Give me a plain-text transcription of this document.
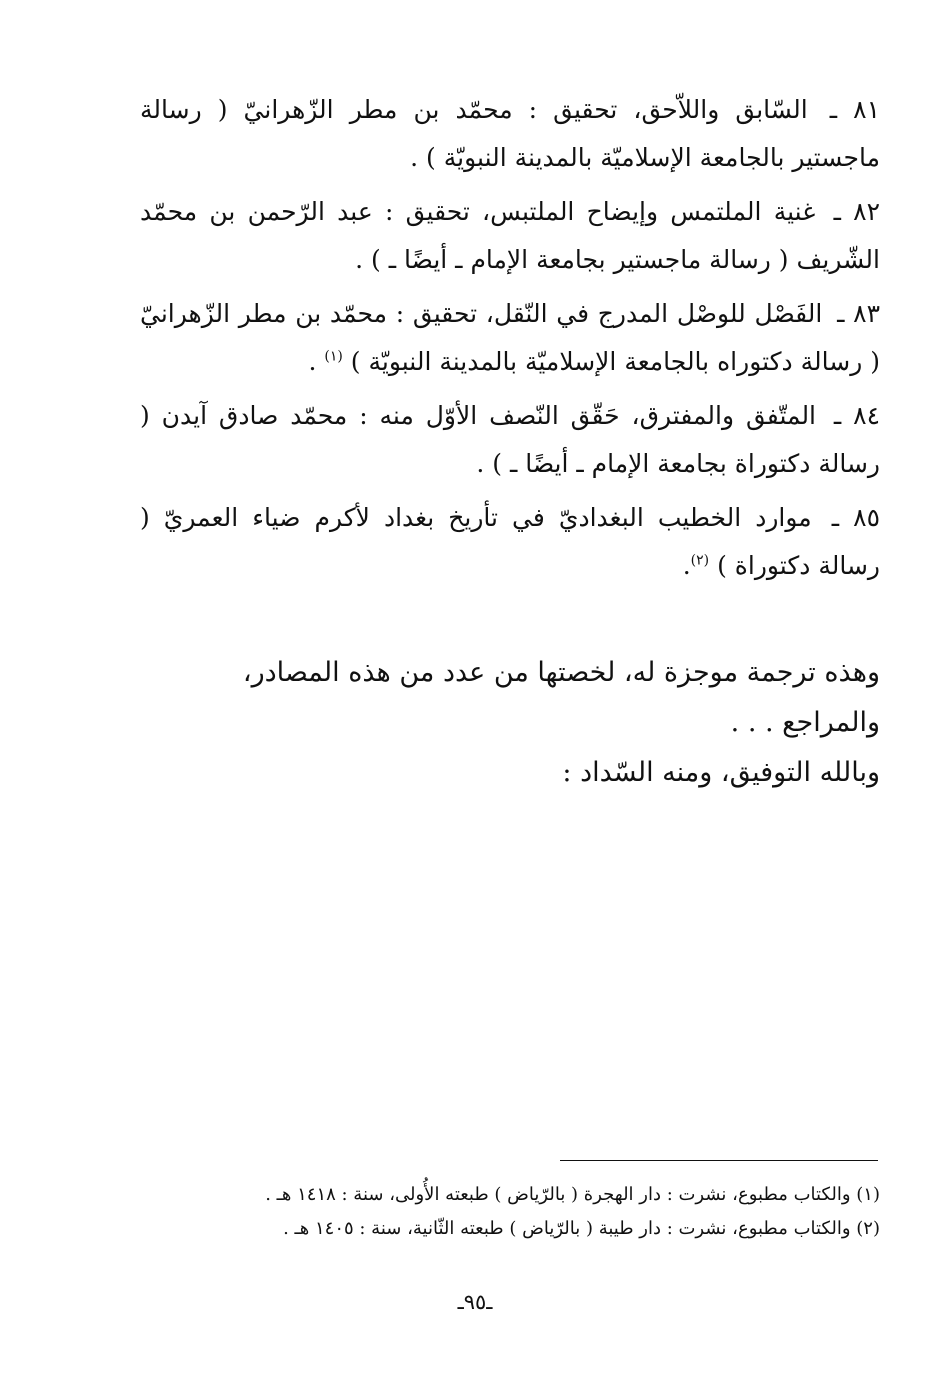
٨١ ـ السّابق واللاّحق، تحقيق : محمّد بن مطر الزّهرانيّ ( رسالة ماجستير بالجامعة الإسلاميّة بالمدينة النبويّة ) .

٨٢ ـ غنية الملتمس وإيضاح الملتبس، تحقيق : عبد الرّحمن بن محمّد الشّريف ( رسالة ماجستير بجامعة الإمام ـ أيضًا ـ ) .

٨٣ ـ الفَصْل للوصْل المدرج في النّقل، تحقيق : محمّد بن مطر الزّهرانيّ ( رسالة دكتوراه بالجامعة الإسلاميّة بالمدينة النبويّة ) $^{(١)}$ .

٨٤ ـ المتّفق والمفترق، حَقّق النّصف الأوّل منه : محمّد صادق آيدن ( رسالة دكتوراة بجامعة الإمام ـ أيضًا ـ ) .

٨٥ ـ موارد الخطيب البغداديّ في تأريخ بغداد لأكرم ضياء العمريّ ( رسالة دكتوراة ) $^{(٢)}$.

وهذه ترجمة موجزة له، لخصتها من عدد من هذه المصادر، والمراجع . . .
وبالله التوفيق، ومنه السّداد :

(١) والكتاب مطبوع، نشرت : دار الهجرة ( بالرّياض ) طبعته الأُولى، سنة : ١٤١٨ هـ .

(٢) والكتاب مطبوع، نشرت : دار طيبة ( بالرّياض ) طبعته الثّانية، سنة : ١٤٠٥ هـ .

ـ٩٥ـ
